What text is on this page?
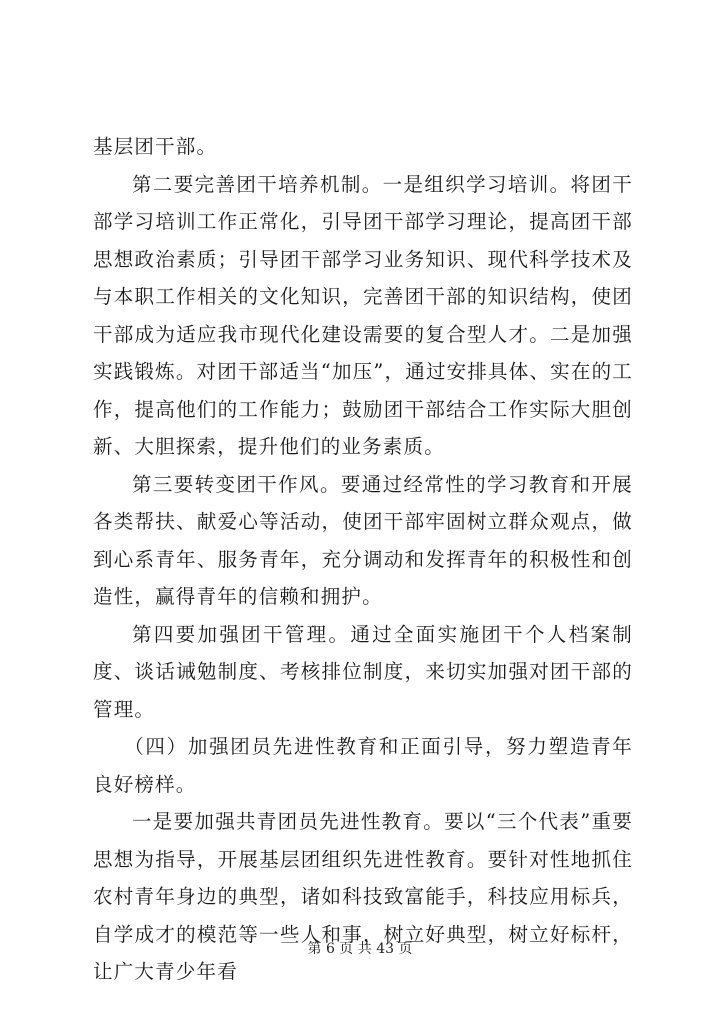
基层团干部。

第二要完善团干培养机制。一是组织学习培训。将团干部学习培训工作正常化，引导团干部学习理论，提高团干部思想政治素质；引导团干部学习业务知识、现代科学技术及与本职工作相关的文化知识，完善团干部的知识结构，使团干部成为适应我市现代化建设需要的复合型人才。二是加强实践锻炼。对团干部适当“加压”，通过安排具体、实在的工作，提高他们的工作能力；鼓励团干部结合工作实际大胆创新、大胆探索，提升他们的业务素质。

第三要转变团干作风。要通过经常性的学习教育和开展各类帮扶、献爱心等活动，使团干部牢固树立群众观点，做到心系青年、服务青年，充分调动和发挥青年的积极性和创造性，赢得青年的信赖和拥护。

第四要加强团干管理。通过全面实施团干个人档案制度、谈话诫勉制度、考核排位制度，来切实加强对团干部的管理。

（四）加强团员先进性教育和正面引导，努力塑造青年良好榜样。

一是要加强共青团员先进性教育。要以“三个代表”重要思想为指导，开展基层团组织先进性教育。要针对性地抓住农村青年身边的典型，诸如科技致富能手，科技应用标兵，自学成才的模范等一些人和事，树立好典型，树立好标杆，让广大青少年看

第 6 页 共 43 页
